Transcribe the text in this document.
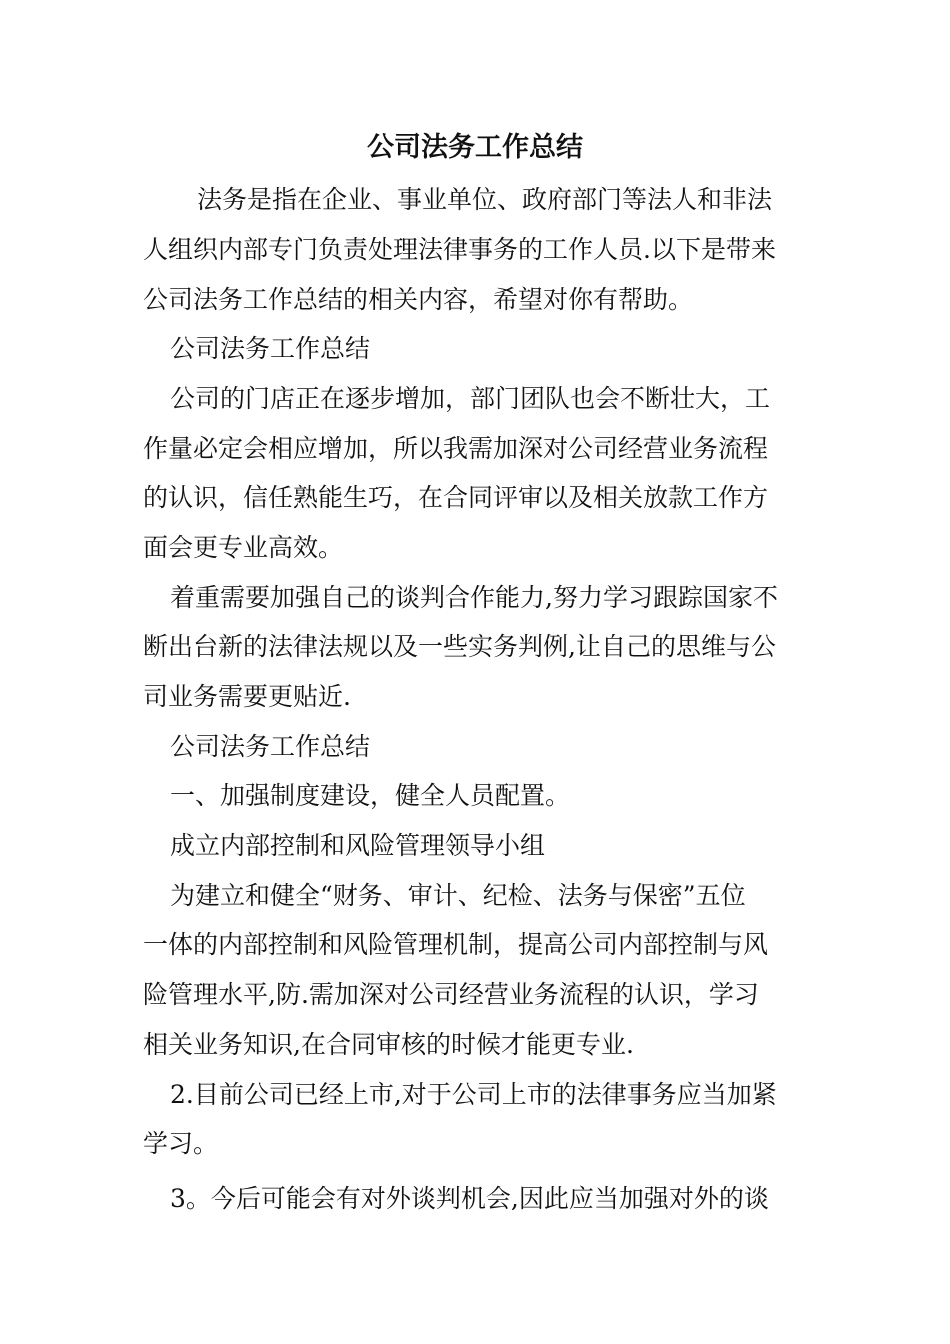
公司法务工作总结
法务是指在企业、事业单位、政府部门等法人和非法
人组织内部专门负责处理法律事务的工作人员.以下是带来
公司法务工作总结的相关内容，希望对你有帮助。
公司法务工作总结
公司的门店正在逐步增加，部门团队也会不断壮大，工
作量必定会相应增加，所以我需加深对公司经营业务流程
的认识，信任熟能生巧，在合同评审以及相关放款工作方
面会更专业高效。
着重需要加强自己的谈判合作能力,努力学习跟踪国家不
断出台新的法律法规以及一些实务判例,让自己的思维与公
司业务需要更贴近.
公司法务工作总结
一、加强制度建设，健全人员配置。
成立内部控制和风险管理领导小组
为建立和健全“财务、审计、纪检、法务与保密”五位
一体的内部控制和风险管理机制，提高公司内部控制与风
险管理水平,防.需加深对公司经营业务流程的认识，学习
相关业务知识,在合同审核的时候才能更专业.
2.目前公司已经上市,对于公司上市的法律事务应当加紧
学习。
3。今后可能会有对外谈判机会,因此应当加强对外的谈
